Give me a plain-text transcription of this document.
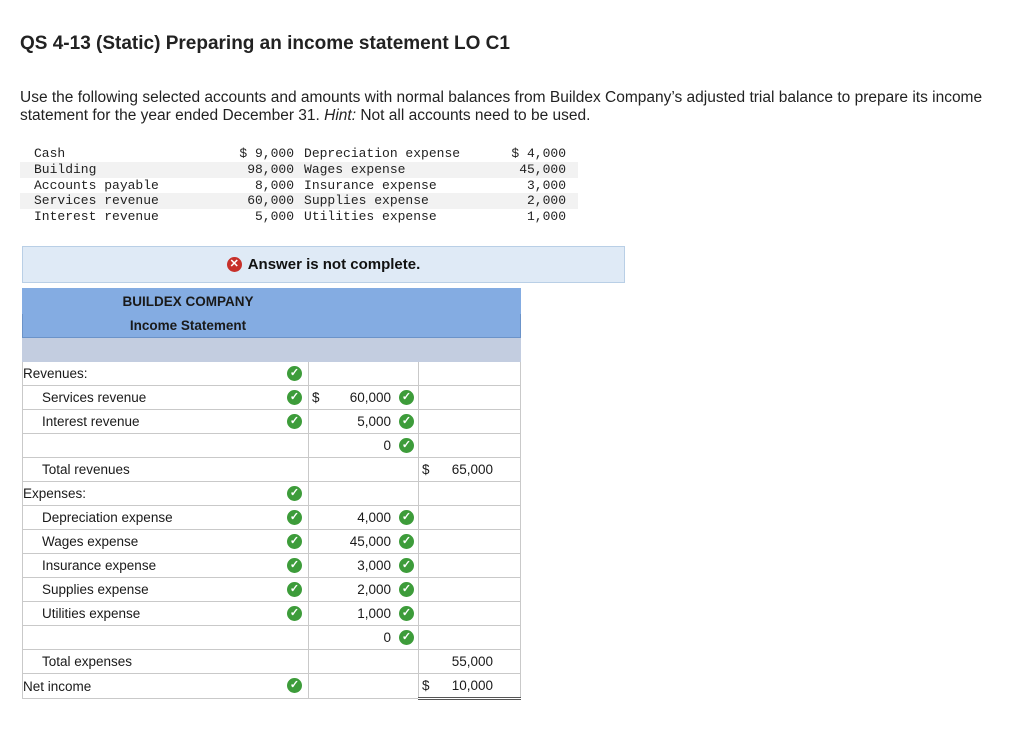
QS 4-13 (Static) Preparing an income statement LO C1
Use the following selected accounts and amounts with normal balances from Buildex Company’s adjusted trial balance to prepare its income statement for the year ended December 31. Hint: Not all accounts need to be used.
Cash	$ 9,000	Depreciation expense	$ 4,000
Building	98,000	Wages expense	45,000
Accounts payable	8,000	Insurance expense	3,000
Services revenue	60,000	Supplies expense	2,000
Interest revenue	5,000	Utilities expense	1,000
✕ Answer is not complete.
BUILDEX COMPANY		

Income Statement		

Revenues: ✓		

Services revenue ✓	$ 60,000 ✓	

Interest revenue ✓	5,000 ✓	

	0 ✓	

Total revenues		$ 65,000
Expenses: ✓		

Depreciation expense ✓	4,000 ✓	

Wages expense ✓	45,000 ✓	

Insurance expense ✓	3,000 ✓	

Supplies expense ✓	2,000 ✓	

Utilities expense ✓	1,000 ✓	

	0 ✓	

Total expenses		55,000
Net income ✓		$ 10,000
